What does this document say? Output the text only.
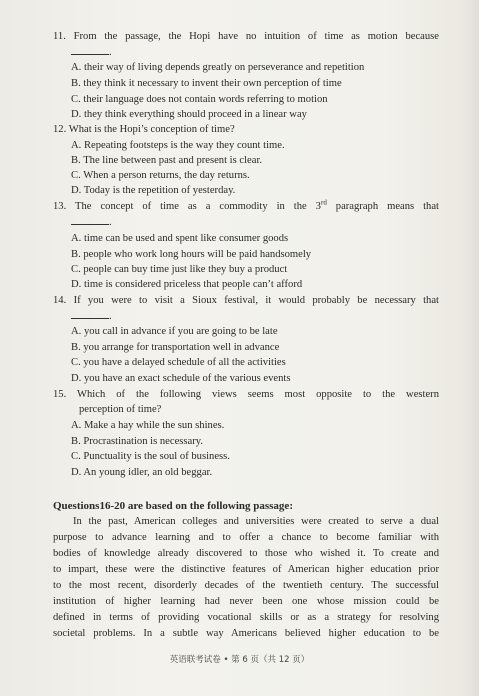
11. From the passage, the Hopi have no intuition of time as motion because
.
A. their way of living depends greatly on perseverance and repetition
B. they think it necessary to invent their own perception of time
C. their language does not contain words referring to motion
D. they think everything should proceed in a linear way
12. What is the Hopi’s conception of time?
A. Repeating footsteps is the way they count time.
B. The line between past and present is clear.
C. When a person returns, the day returns.
D. Today is the repetition of yesterday.
13. The concept of time as a commodity in the 3rd paragraph means that
.
A. time can be used and spent like consumer goods
B. people who work long hours will be paid handsomely
C. people can buy time just like they buy a product
D. time is considered priceless that people can’t afford
14. If you were to visit a Sioux festival, it would probably be necessary that
.
A. you call in advance if you are going to be late
B. you arrange for transportation well in advance
C. you have a delayed schedule of all the activities
D. you have an exact schedule of the various events
15. Which of the following views seems most opposite to the western
perception of time?
A. Make a hay while the sun shines.
B. Procrastination is necessary.
C. Punctuality is the soul of business.
D. An young idler, an old beggar.
Questions16-20 are based on the following passage:
In the past, American colleges and universities were created to serve a dual
purpose to advance learning and to offer a chance to become familiar with
bodies of knowledge already discovered to those who wished it. To create and
to impart, these were the distinctive features of American higher education prior
to the most recent, disorderly decades of the twentieth century. The successful
institution of higher learning had never been one whose mission could be
defined in terms of providing vocational skills or as a strategy for resolving
societal problems. In a subtle way Americans believed higher education to be
英语联考试卷 • 第 6 页（共 12 页）
